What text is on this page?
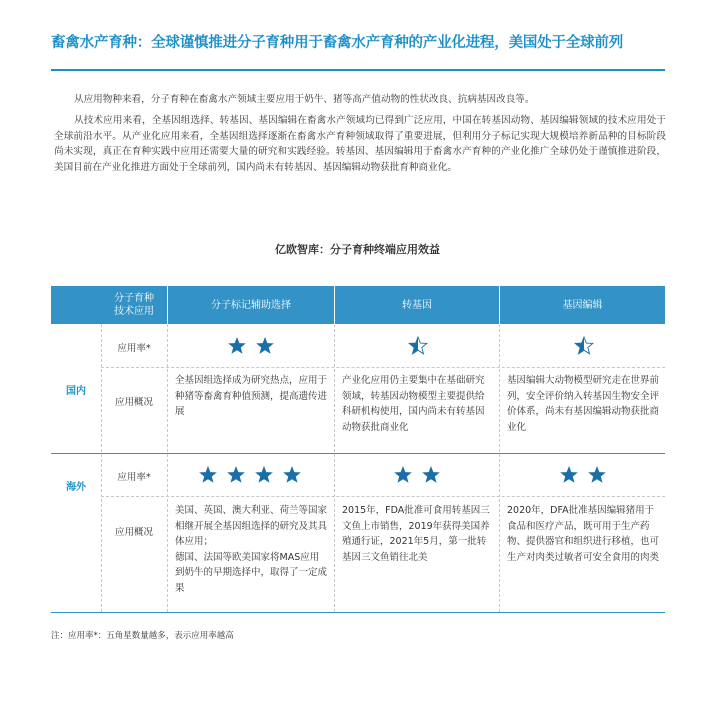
畜禽水产育种：全球谨慎推进分子育种用于畜禽水产育种的产业化进程，美国处于全球前列

从应用物种来看，分子育种在畜禽水产领域主要应用于奶牛、猪等高产值动物的性状改良、抗病基因改良等。

从技术应用来看，全基因组选择、转基因、基因编辑在畜禽水产领域均已得到广泛应用，中国在转基因动物、基因编辑领域的技术应用处于全球前沿水平。从产业化应用来看，全基因组选择逐渐在畜禽水产育种领域取得了重要进展，但利用分子标记实现大规模培养新品种的目标阶段尚未实现，真正在育种实践中应用还需要大量的研究和实践经验。转基因、基因编辑用于畜禽水产育种的产业化推广全球仍处于谨慎推进阶段，美国目前在产业化推进方面处于全球前列，国内尚未有转基因、基因编辑动物获批育种商业化。

亿欧智库：分子育种终端应用效益
分子育种
技术应用
分子标记辅助选择	转基因	基因编辑
国内
应用率*
应用概况

全基因组选择成为研究热点，应用于种猪等畜禽育种值预测，提高遗传进展

产业化应用仍主要集中在基础研究领域，转基因动物模型主要提供给科研机构使用，国内尚未有转基因动物获批商业化

基因编辑大动物模型研究走在世界前列，安全评价纳入转基因生物安全评价体系，尚未有基因编辑动物获批商业化

海外
应用率*
应用概况

美国、英国、澳大利亚、荷兰等国家相继开展全基因组选择的研究及其具体应用；
德国、法国等欧美国家将MAS应用到奶牛的早期选择中，取得了一定成果

2015年，FDA批准可食用转基因三文鱼上市销售，2019年获得美国养殖通行证，2021年5月，第一批转基因三文鱼销往北美

2020年，DFA批准基因编辑猪用于食品和医疗产品，既可用于生产药物、提供器官和组织进行移植，也可生产对肉类过敏者可安全食用的肉类

注：应用率*：五角星数量越多，表示应用率越高
